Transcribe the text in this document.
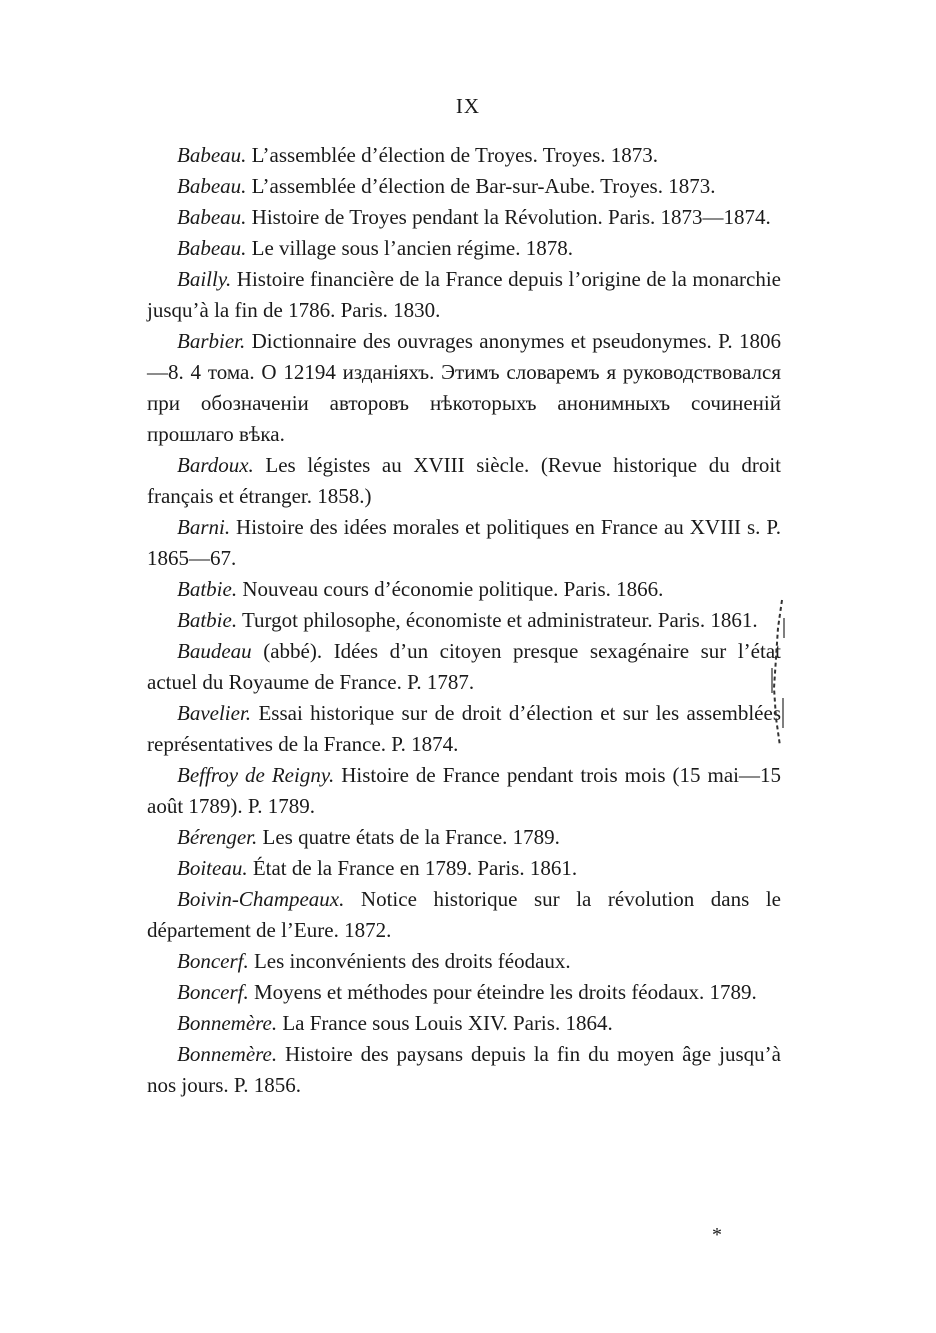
IX

Babeau. L’assemblée d’élection de Troyes. Troyes. 1873.

Babeau. L’assemblée d’élection de Bar-sur-Aube. Troyes. 1873.

Babeau. Histoire de Troyes pendant la Révolution. Paris. 1873—1874.

Babeau. Le village sous l’ancien régime. 1878.

Bailly. Histoire financière de la France depuis l’origine de la monarchie jusqu’à la fin de 1786. Paris. 1830.

Barbier. Dictionnaire des ouvrages anonymes et pseudonymes. P. 1806—8. 4 тома. О 12194 изданіяхъ. Этимъ словаремъ я руководствовался при обозначеніи авторовъ нѣкоторыхъ анонимныхъ сочиненій прошлаго вѣка.

Bardoux. Les légistes au XVIII siècle. (Revue historique du droit français et étranger. 1858.)

Barni. Histoire des idées morales et politiques en France au XVIII s. P. 1865—67.

Batbie. Nouveau cours d’économie politique. Paris. 1866.

Batbie. Turgot philosophe, économiste et administrateur. Paris. 1861.

Baudeau (abbé). Idées d’un citoyen presque sexagénaire sur l’état actuel du Royaume de France. P. 1787.

Bavelier. Essai historique sur de droit d’élection et sur les assemblées représentatives de la France. P. 1874.

Beffroy de Reigny. Histoire de France pendant trois mois (15 mai—15 août 1789). P. 1789.

Bérenger. Les quatre états de la France. 1789.

Boiteau. État de la France en 1789. Paris. 1861.

Boivin-Champeaux. Notice historique sur la révolution dans le département de l’Eure. 1872.

Boncerf. Les inconvénients des droits féodaux.

Boncerf. Moyens et méthodes pour éteindre les droits féodaux. 1789.

Bonnemère. La France sous Louis XIV. Paris. 1864.

Bonnemère. Histoire des paysans depuis la fin du moyen âge jusqu’à nos jours. P. 1856.

*
